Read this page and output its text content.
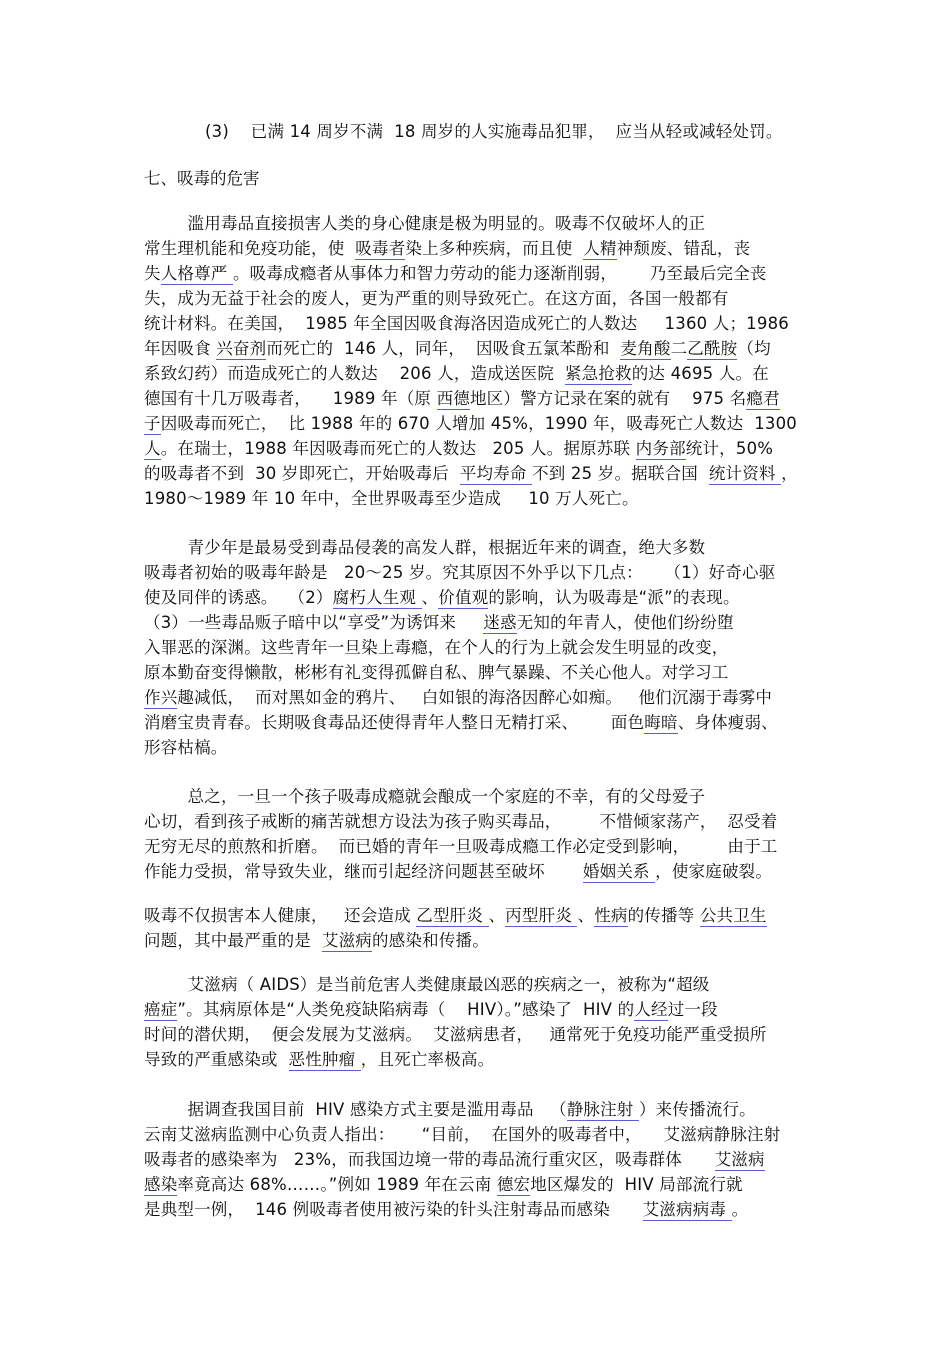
(3)    已满 14 周岁不满  18 周岁的人实施毒品犯罪，  应当从轻或减轻处罚。
七、吸毒的危害
滥用毒品直接损害人类的身心健康是极为明显的。吸毒不仅破坏人的正
常生理机能和免疫功能，使  吸毒者染上多种疾病，而且使  人精神颓废、错乱，丧
失人格尊严 。吸毒成瘾者从事体力和智力劳动的能力逐渐削弱，      乃至最后完全丧
失，成为无益于社会的废人，更为严重的则导致死亡。在这方面，各国一般都有
统计材料。在美国，  1985 年全国因吸食海洛因造成死亡的人数达     1360 人；1986
年因吸食 兴奋剂而死亡的  146 人，同年，  因吸食五氯苯酚和  麦角酸二乙酰胺（均
系致幻药）而造成死亡的人数达    206 人，造成送医院  紧急抢救的达 4695 人。在
德国有十几万吸毒者，    1989 年（原 西德地区）警方记录在案的就有    975 名瘾君
子因吸毒而死亡，  比 1988 年的 670 人增加 45%，1990 年，吸毒死亡人数达  1300
人。在瑞士，1988 年因吸毒而死亡的人数达   205 人。据原苏联 内务部统计，50%
的吸毒者不到  30 岁即死亡，开始吸毒后  平均寿命 不到 25 岁。据联合国  统计资料 ，
1980～1989 年 10 年中，全世界吸毒至少造成     10 万人死亡。
青少年是最易受到毒品侵袭的高发人群，根据近年来的调查，绝大多数
吸毒者初始的吸毒年龄是   20～25 岁。究其原因不外乎以下几点：    （1）好奇心驱
使及同伴的诱惑。  （2）腐朽人生观 、价值观的影响，认为吸毒是“派”的表现。
（3）一些毒品贩子暗中以“享受”为诱饵来     迷惑无知的年青人，使他们纷纷堕
入罪恶的深渊。这些青年一旦染上毒瘾，在个人的行为上就会发生明显的改变，
原本勤奋变得懒散，彬彬有礼变得孤僻自私、脾气暴躁、不关心他人。对学习工
作兴趣减低，  而对黑如金的鸦片、   白如银的海洛因醉心如痴。   他们沉溺于毒雾中
消磨宝贵青春。长期吸食毒品还使得青年人整日无精打采、      面色晦暗、身体瘦弱、
形容枯槁。
总之，一旦一个孩子吸毒成瘾就会酿成一个家庭的不幸，有的父母爱子
心切，看到孩子戒断的痛苦就想方设法为孩子购买毒品，       不惜倾家荡产，  忍受着
无穷无尽的煎熬和折磨。  而已婚的青年一旦吸毒成瘾工作必定受到影响，       由于工
作能力受损，常导致失业，继而引起经济问题甚至破坏       婚姻关系 ，使家庭破裂。
吸毒不仅损害本人健康，   还会造成 乙型肝炎 、丙型肝炎 、性病的传播等 公共卫生
问题，其中最严重的是  艾滋病的感染和传播。
艾滋病（ AIDS）是当前危害人类健康最凶恶的疾病之一，被称为“超级
癌症”。其病原体是“人类免疫缺陷病毒（    HIV）。”感染了  HIV 的人经过一段
时间的潜伏期，  便会发展为艾滋病。  艾滋病患者，   通常死于免疫功能严重受损所
导致的严重感染或  恶性肿瘤 ，且死亡率极高。
据调查我国目前  HIV 感染方式主要是滥用毒品   （静脉注射 ）来传播流行。
云南艾滋病监测中心负责人指出：     “目前，  在国外的吸毒者中，    艾滋病静脉注射
吸毒者的感染率为   23%，而我国边境一带的毒品流行重灾区，吸毒群体      艾滋病
感染率竟高达 68%……。”例如 1989 年在云南 德宏地区爆发的  HIV 局部流行就
是典型一例，  146 例吸毒者使用被污染的针头注射毒品而感染      艾滋病病毒 。
